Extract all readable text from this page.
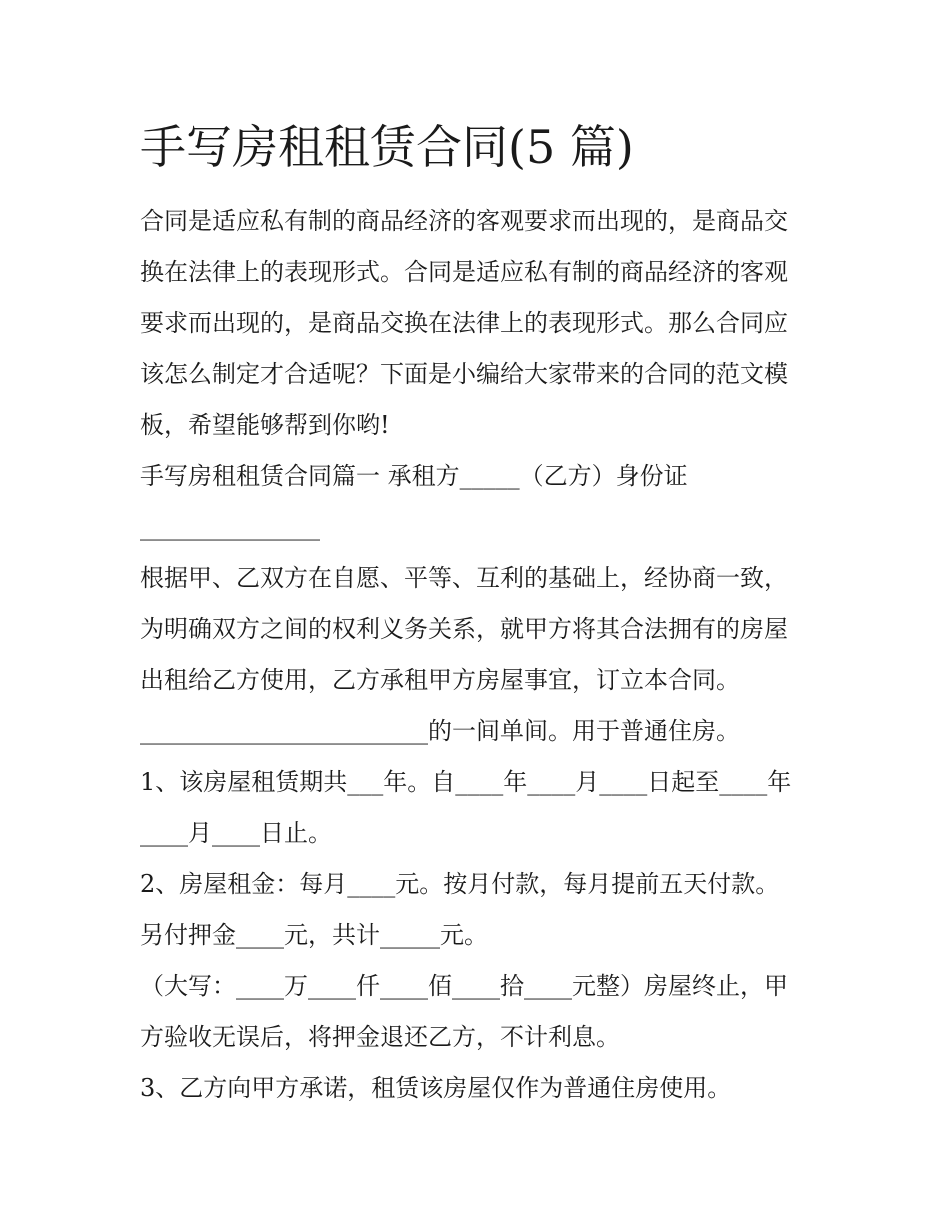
手写房租租赁合同(5 篇)
合同是适应私有制的商品经济的客观要求而出现的，是商品交
换在法律上的表现形式。合同是适应私有制的商品经济的客观
要求而出现的，是商品交换在法律上的表现形式。那么合同应
该怎么制定才合适呢？下面是小编给大家带来的合同的范文模
板，希望能够帮到你哟!
手写房租租赁合同篇一 承租方_____（乙方）身份证
_______________
根据甲、乙双方在自愿、平等、互利的基础上，经协商一致，
为明确双方之间的权利义务关系，就甲方将其合法拥有的房屋
出租给乙方使用，乙方承租甲方房屋事宜，订立本合同。
________________________的一间单间。用于普通住房。
1、该房屋租赁期共___年。自____年____月____日起至____年
____月____日止。
2、房屋租金：每月____元。按月付款，每月提前五天付款。
另付押金____元，共计_____元。
（大写：____万____仟____佰____拾____元整）房屋终止，甲
方验收无误后，将押金退还乙方，不计利息。
3、乙方向甲方承诺，租赁该房屋仅作为普通住房使用。
